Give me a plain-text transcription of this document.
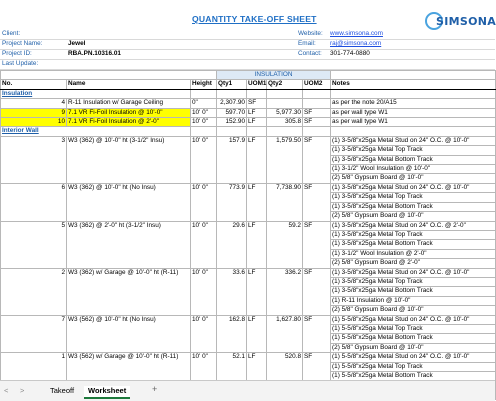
QUANTITY TAKE-OFF SHEET	SIMSONA
Client:	Website: www.simsona.com
Project Name:	Jewel	Email: raj@simsona.com
Project ID:	RBA.PN.10316.01	Contact: 301-774-0880
Last Update:
			INSULATION				
No.	Name	Height	Qty1	UOM1	Qty2	UOM2	Notes
Insulation							
4	R-11 Insulation w/ Garage Ceiling	0"	2,307.90	SF			as per the note 20/A15
9	7.1 VR Fi-Foil Insulation @ 10'-0"	10' 0"	597.70	LF	5,977.30	SF	as per wall type W1
10	7.1 VR Fi-Foil Insulation @ 2'-0"	10' 0"	152.90	LF	305.8	SF	as per wall type W1
Interior Wall							
3	W3 (362) @ 10'-0" ht (3-1/2" Insu)	10' 0"	157.9	LF	1,579.50	SF	(1) 3-5/8"x25ga Metal Stud on 24" O.C. @ 10'-0"
							(1) 3-5/8"x25ga Metal Top Track
							(1) 3-5/8"x25ga Metal Bottom Track
							(1) 3-1/2" Wool Insulation @ 10'-0"
							(2) 5/8" Gypsum Board @ 10'-0"
6	W3 (362) @ 10'-0" ht (No Insu)	10' 0"	773.9	LF	7,738.90	SF	(1) 3-5/8"x25ga Metal Stud on 24" O.C. @ 10'-0"
							(1) 3-5/8"x25ga Metal Top Track
							(1) 3-5/8"x25ga Metal Bottom Track
							(2) 5/8" Gypsum Board @ 10'-0"
5	W3 (362) @ 2'-0" ht (3-1/2" Insu)	10' 0"	29.6	LF	59.2	SF	(1) 3-5/8"x25ga Metal Stud on 24" O.C. @ 2'-0"
							(1) 3-5/8"x25ga Metal Top Track
							(1) 3-5/8"x25ga Metal Bottom Track
							(1) 3-1/2" Wool Insulation @ 2'-0"
							(2) 5/8" Gypsum Board @ 2'-0"
2	W3 (362) w/ Garage @ 10'-0" ht (R-11)	10' 0"	33.6	LF	336.2	SF	(1) 3-5/8"x25ga Metal Stud on 24" O.C. @ 10'-0"
							(1) 3-5/8"x25ga Metal Top Track
							(1) 3-5/8"x25ga Metal Bottom Track
							(1) R-11 Insulation @ 10'-0"
							(2) 5/8" Gypsum Board @ 10'-0"
7	W3 (562) @ 10'-0" ht (No Insu)	10' 0"	162.8	LF	1,627.80	SF	(1) 5-5/8"x25ga Metal Stud on 24" O.C. @ 10'-0"
							(1) 5-5/8"x25ga Metal Top Track
							(1) 5-5/8"x25ga Metal Bottom Track
							(2) 5/8" Gypsum Board @ 10'-0"
1	W3 (562) w/ Garage @ 10'-0" ht (R-11)	10' 0"	52.1	LF	520.8	SF	(1) 5-5/8"x25ga Metal Stud on 24" O.C. @ 10'-0"
							(1) 5-5/8"x25ga Metal Top Track
							(1) 5-5/8"x25ga Metal Bottom Track

< >	Takeoff	Worksheet	+
